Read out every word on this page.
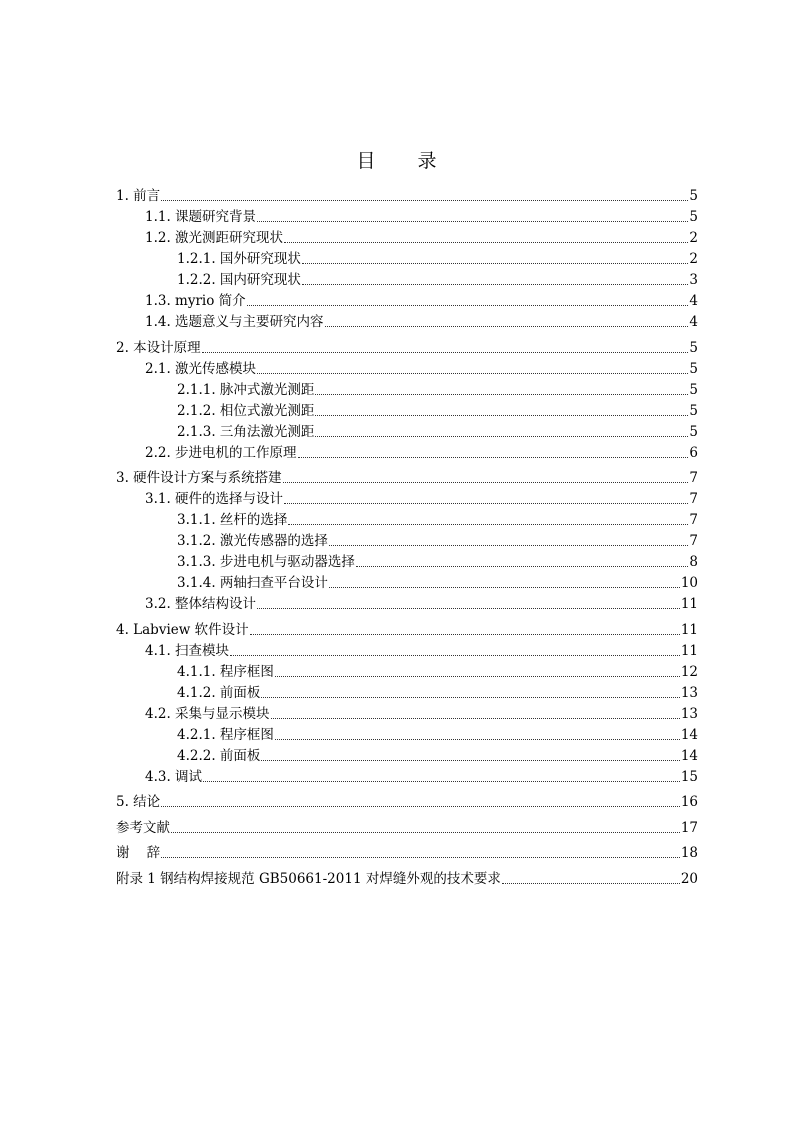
目 录
1. 前言	5
1.1. 课题研究背景	5
1.2. 激光测距研究现状	2
1.2.1. 国外研究现状	2
1.2.2. 国内研究现状	3
1.3. myrio 简介	4
1.4. 选题意义与主要研究内容	4
2. 本设计原理	5
2.1. 激光传感模块	5
2.1.1. 脉冲式激光测距	5
2.1.2. 相位式激光测距	5
2.1.3. 三角法激光测距	5
2.2. 步进电机的工作原理	6
3. 硬件设计方案与系统搭建	7
3.1. 硬件的选择与设计	7
3.1.1. 丝杆的选择	7
3.1.2. 激光传感器的选择	7
3.1.3. 步进电机与驱动器选择	8
3.1.4. 两轴扫查平台设计	10
3.2. 整体结构设计	11
4. Labview 软件设计	11
4.1. 扫查模块	11
4.1.1. 程序框图	12
4.1.2. 前面板	13
4.2. 采集与显示模块	13
4.2.1. 程序框图	14
4.2.2. 前面板	14
4.3. 调试	15
5. 结论	16
参考文献	17
谢    辞	18
附录 1 钢结构焊接规范 GB50661-2011 对焊缝外观的技术要求	20
